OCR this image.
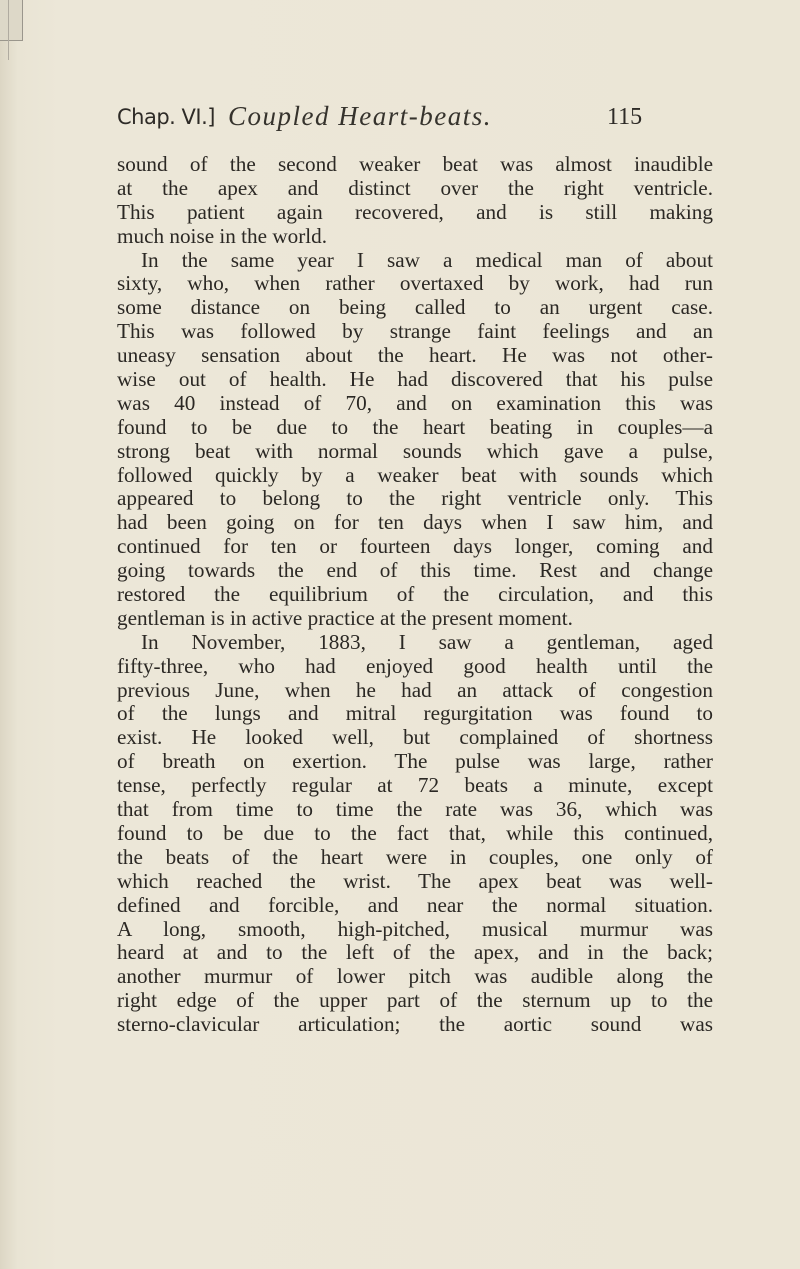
Chap. VI.] Coupled Heart-beats.	115
sound of the second weaker beat was almost inaudible
at the apex and distinct over the right ventricle.
This patient again recovered, and is still making
much noise in the world.
In the same year I saw a medical man of about
sixty, who, when rather overtaxed by work, had run
some distance on being called to an urgent case.
This was followed by strange faint feelings and an
uneasy sensation about the heart. He was not other-
wise out of health. He had discovered that his pulse
was 40 instead of 70, and on examination this was
found to be due to the heart beating in couples—a
strong beat with normal sounds which gave a pulse,
followed quickly by a weaker beat with sounds which
appeared to belong to the right ventricle only. This
had been going on for ten days when I saw him, and
continued for ten or fourteen days longer, coming and
going towards the end of this time. Rest and change
restored the equilibrium of the circulation, and this
gentleman is in active practice at the present moment.
In November, 1883, I saw a gentleman, aged
fifty-three, who had enjoyed good health until the
previous June, when he had an attack of congestion
of the lungs and mitral regurgitation was found to
exist. He looked well, but complained of shortness
of breath on exertion. The pulse was large, rather
tense, perfectly regular at 72 beats a minute, except
that from time to time the rate was 36, which was
found to be due to the fact that, while this continued,
the beats of the heart were in couples, one only of
which reached the wrist. The apex beat was well-
defined and forcible, and near the normal situation.
A long, smooth, high-pitched, musical murmur was
heard at and to the left of the apex, and in the back;
another murmur of lower pitch was audible along the
right edge of the upper part of the sternum up to the
sterno-clavicular articulation; the aortic sound was
